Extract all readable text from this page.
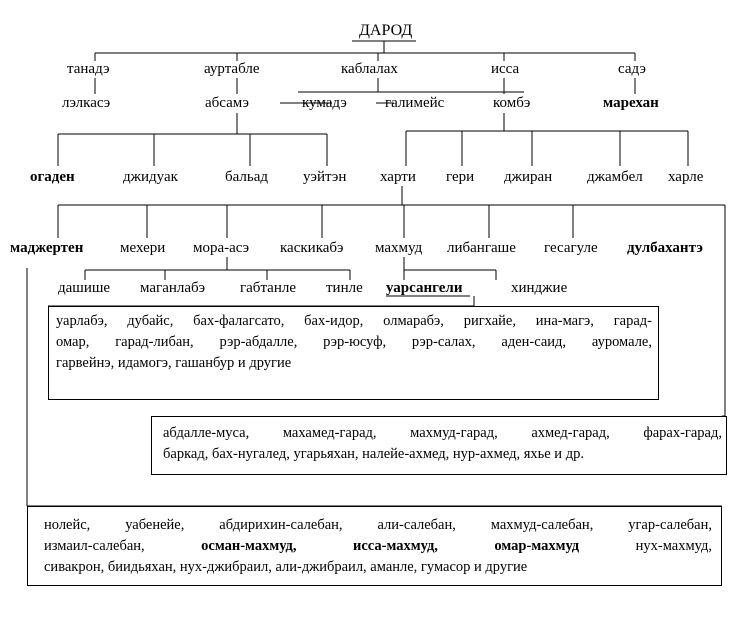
ДАРОД
танадэ	ауртабле	каблалах	исса	садэ
лэлкасэ	абсамэ	кумадэ	галимейс	комбэ	марехан
огаден	джидуак	бальад уэйтэн харти гери джиран джамбел харле
маджертен мехери мора-асэ каскикабэ махмуд либангаше гесагуле дулбахантэ
дашише маганлабэ габтанле тинле уарсангели	хинджие
уарлабэ, дубайс, бах-фалагсато, бах-идор, олмарабэ, ригхайе, ина-магэ, гарад-
омар, гарад-либан, рэр-абдалле, рэр-юсуф, рэр-салах, аден-саид, ауромале,
гарвейнэ, идамогэ, гашанбур и другие
абдалле-муса, махамед-гарад, махмуд-гарад, ахмед-гарад, фарах-гарад,
баркад, бах-нугалед, угарьяхан, налейе-ахмед, нур-ахмед, яхье и др.
нолейс, уабенейе, абдирихин-салебан, али-салебан, махмуд-салебан, угар-салебан,
измаил-салебан,	осман-махмуд,	исса-махмуд,	омар-махмуд	нух-махмуд,
сивакрон, биидьяхан, нух-джибраил, али-джибраил, аманле, гумасор и другие
